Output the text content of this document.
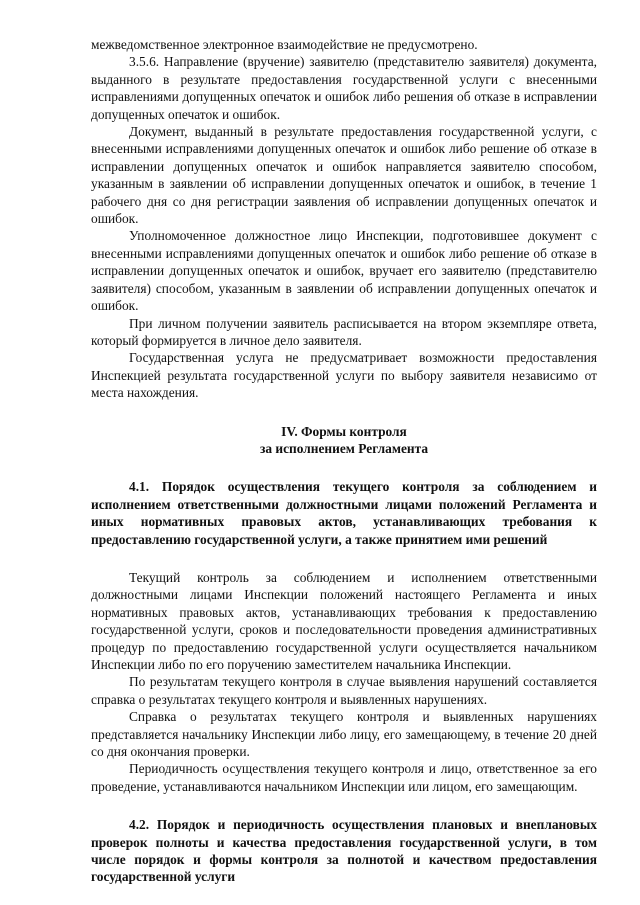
межведомственное электронное взаимодействие не предусмотрено.

3.5.6. Направление (вручение) заявителю (представителю заявителя) документа, выданного в результате предоставления государственной услуги с внесенными исправлениями допущенных опечаток и ошибок либо решения об отказе в исправлении допущенных опечаток и ошибок.

Документ, выданный в результате предоставления государственной услуги, с внесенными исправлениями допущенных опечаток и ошибок либо решение об отказе в исправлении допущенных опечаток и ошибок направляется заявителю способом, указанным в заявлении об исправлении допущенных опечаток и ошибок, в течение 1 рабочего дня со дня регистрации заявления об исправлении допущенных опечаток и ошибок.

Уполномоченное должностное лицо Инспекции, подготовившее документ с внесенными исправлениями допущенных опечаток и ошибок либо решение об отказе в исправлении допущенных опечаток и ошибок, вручает его заявителю (представителю заявителя) способом, указанным в заявлении об исправлении допущенных опечаток и ошибок.

При личном получении заявитель расписывается на втором экземпляре ответа, который формируется в личное дело заявителя.

Государственная услуга не предусматривает возможности предоставления Инспекцией результата государственной услуги по выбору заявителя независимо от места нахождения.

IV. Формы контроля

за исполнением Регламента

4.1. Порядок осуществления текущего контроля за соблюдением и исполнением ответственными должностными лицами положений Регламента и иных нормативных правовых актов, устанавливающих требования к предоставлению государственной услуги, а также принятием ими решений

Текущий контроль за соблюдением и исполнением ответственными должностными лицами Инспекции положений настоящего Регламента и иных нормативных правовых актов, устанавливающих требования к предоставлению государственной услуги, сроков и последовательности проведения административных процедур по предоставлению государственной услуги осуществляется начальником Инспекции либо по его поручению заместителем начальника Инспекции.

По результатам текущего контроля в случае выявления нарушений составляется справка о результатах текущего контроля и выявленных нарушениях.

Справка о результатах текущего контроля и выявленных нарушениях представляется начальнику Инспекции либо лицу, его замещающему, в течение 20 дней со дня окончания проверки.

Периодичность осуществления текущего контроля и лицо, ответственное за его проведение, устанавливаются начальником Инспекции или лицом, его замещающим.

4.2. Порядок и периодичность осуществления плановых и внеплановых проверок полноты и качества предоставления государственной услуги, в том числе порядок и формы контроля за полнотой и качеством предоставления государственной услуги
